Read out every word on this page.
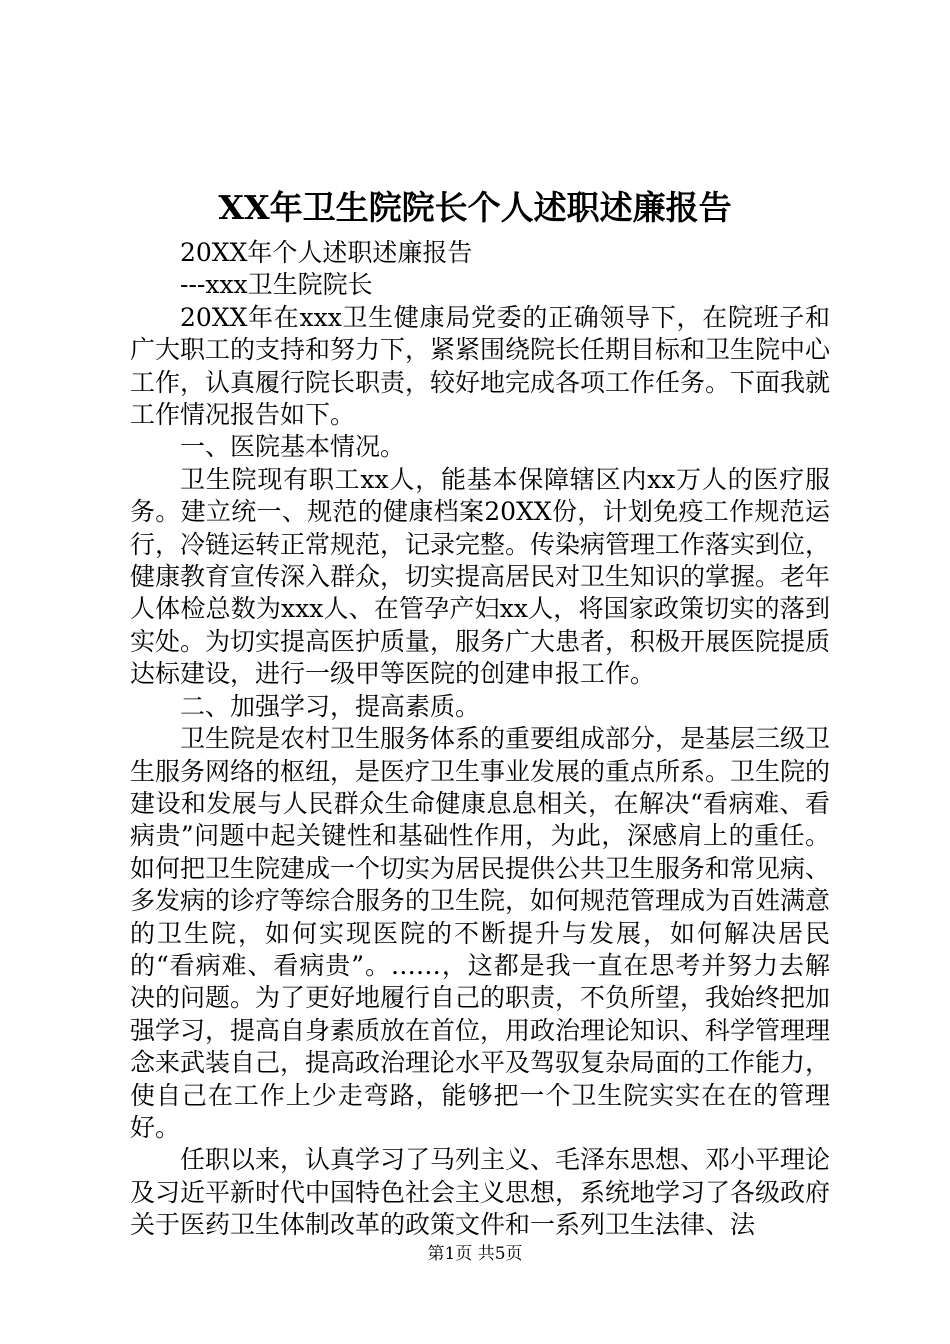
XX年卫生院院长个人述职述廉报告

20XX年个人述职述廉报告

---xxx卫生院院长

20XX年在xxx卫生健康局党委的正确领导下，在院班子和广大职工的支持和努力下，紧紧围绕院长任期目标和卫生院中心工作，认真履行院长职责，较好地完成各项工作任务。下面我就工作情况报告如下。

一、医院基本情况。

卫生院现有职工xx人，能基本保障辖区内xx万人的医疗服务。建立统一、规范的健康档案20XX份，计划免疫工作规范运行，冷链运转正常规范，记录完整。传染病管理工作落实到位，健康教育宣传深入群众，切实提高居民对卫生知识的掌握。老年人体检总数为xxx人、在管孕产妇xx人，将国家政策切实的落到实处。为切实提高医护质量，服务广大患者，积极开展医院提质达标建设，进行一级甲等医院的创建申报工作。

二、加强学习，提高素质。

卫生院是农村卫生服务体系的重要组成部分，是基层三级卫生服务网络的枢纽，是医疗卫生事业发展的重点所系。卫生院的建设和发展与人民群众生命健康息息相关，在解决“看病难、看病贵”问题中起关键性和基础性作用，为此，深感肩上的重任。如何把卫生院建成一个切实为居民提供公共卫生服务和常见病、多发病的诊疗等综合服务的卫生院，如何规范管理成为百姓满意的卫生院，如何实现医院的不断提升与发展，如何解决居民的“看病难、看病贵”。……，这都是我一直在思考并努力去解决的问题。为了更好地履行自己的职责，不负所望，我始终把加强学习，提高自身素质放在首位，用政治理论知识、科学管理理念来武装自己，提高政治理论水平及驾驭复杂局面的工作能力，使自己在工作上少走弯路，能够把一个卫生院实实在在的管理好。

任职以来，认真学习了马列主义、毛泽东思想、邓小平理论及习近平新时代中国特色社会主义思想，系统地学习了各级政府关于医药卫生体制改革的政策文件和一系列卫生法律、法

第1页 共5页
